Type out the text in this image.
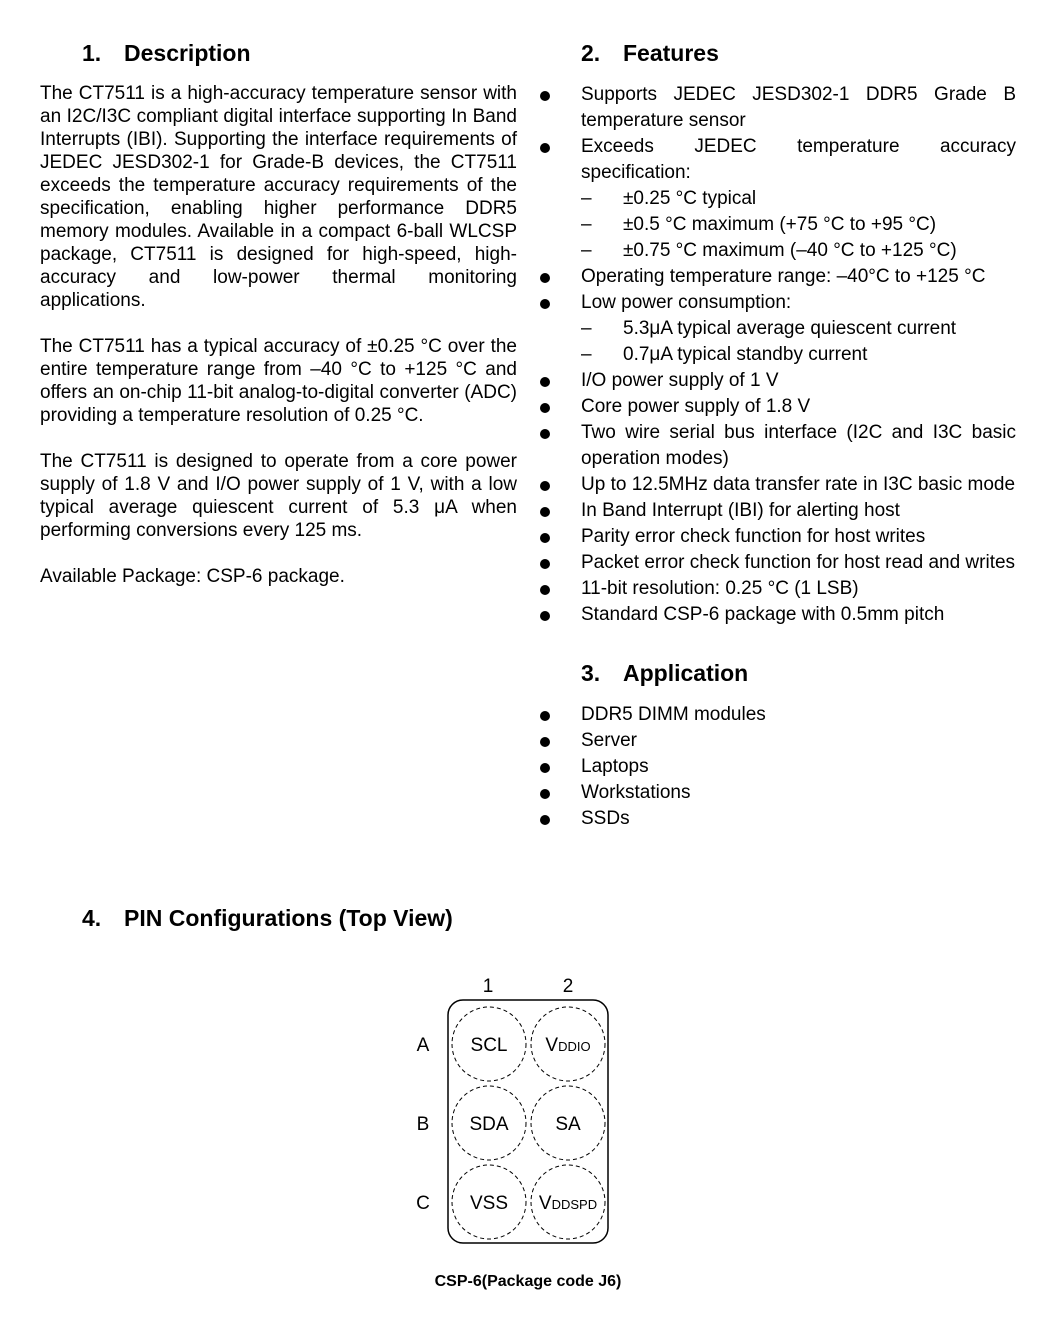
1. Description

The CT7511 is a high-accuracy temperature sensor with an I2C/I3C compliant digital interface supporting In Band Interrupts (IBI). Supporting the interface requirements of JEDEC JESD302-1 for Grade-B devices, the CT7511 exceeds the temperature accuracy requirements of the specification, enabling higher performance DDR5 memory modules. Available in a compact 6-ball WLCSP package, CT7511 is designed for high-speed, high-accuracy and low-power thermal monitoring applications.

The CT7511 has a typical accuracy of ±0.25 °C over the entire temperature range from –40 °C to +125 °C and offers an on-chip 11-bit analog-to-digital converter (ADC) providing a temperature resolution of 0.25 °C.

The CT7511 is designed to operate from a core power supply of 1.8 V and I/O power supply of 1 V, with a low typical average quiescent current of 5.3 μA when performing conversions every 125 ms.

Available Package: CSP-6 package.

2. Features
Supports JEDEC JESD302-1 DDR5 Grade B temperature sensor
Exceeds JEDEC temperature accuracy specification:
– ±0.25 °C typical
– ±0.5 °C maximum (+75 °C to +95 °C)
– ±0.75 °C maximum (–40 °C to +125 °C)
Operating temperature range: –40°C to +125 °C
Low power consumption:
– 5.3μA typical average quiescent current
– 0.7μA typical standby current
I/O power supply of 1 V
Core power supply of 1.8 V
Two wire serial bus interface (I2C and I3C basic operation modes)
Up to 12.5MHz data transfer rate in I3C basic mode
In Band Interrupt (IBI) for alerting host
Parity error check function for host writes
Packet error check function for host read and writes
11-bit resolution: 0.25 °C (1 LSB)
Standard CSP-6 package with 0.5mm pitch
3. Application
DDR5 DIMM modules
Server
Laptops
Workstations
SSDs
4. PIN Configurations (Top View)
1	2
A
B
C
SCL VDDIO
SDA SA
VSS VDDSPD
CSP-6(Package code J6)
